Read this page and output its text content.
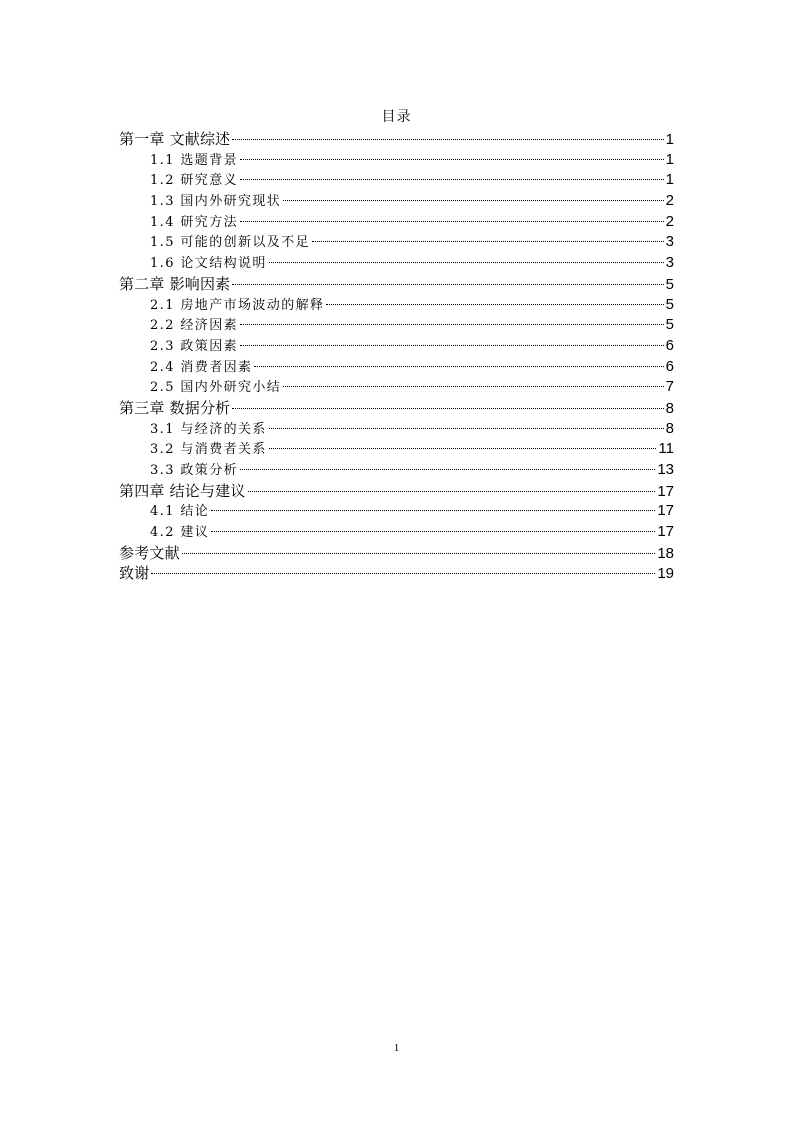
目录
第一章 文献综述	1
1.1 选题背景	1
1.2 研究意义	1
1.3 国内外研究现状	2
1.4 研究方法	2
1.5 可能的创新以及不足	3
1.6 论文结构说明	3
第二章 影响因素	5
2.1 房地产市场波动的解释	5
2.2 经济因素	5
2.3 政策因素	6
2.4 消费者因素	6
2.5 国内外研究小结	7
第三章 数据分析	8
3.1 与经济的关系	8
3.2 与消费者关系	11
3.3 政策分析	13
第四章 结论与建议	17
4.1 结论	17
4.2 建议	17
参考文献	18
致谢	19
1
